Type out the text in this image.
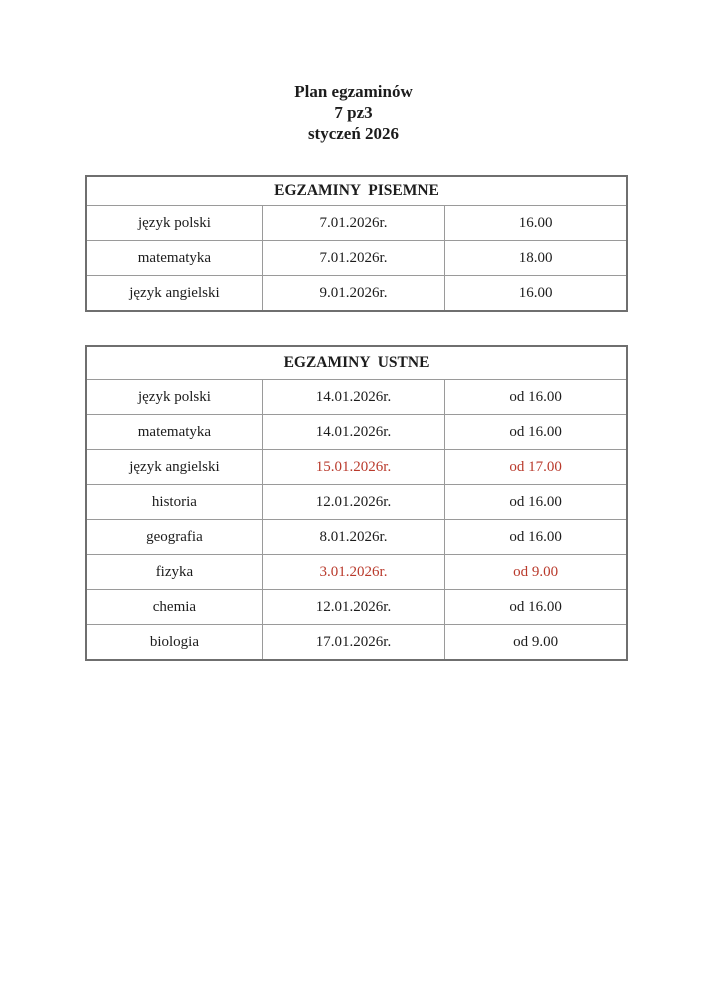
Plan egzaminów
7 pz3
styczeń 2026
EGZAMINY  PISEMNE		
język polski	7.01.2026r.	16.00
matematyka	7.01.2026r.	18.00
język angielski	9.01.2026r.	16.00
EGZAMINY  USTNE		
język polski	14.01.2026r.	od 16.00
matematyka	14.01.2026r.	od 16.00
język angielski	15.01.2026r.	od 17.00
historia	12.01.2026r.	od 16.00
geografia	8.01.2026r.	od 16.00
fizyka	3.01.2026r.	od 9.00
chemia	12.01.2026r.	od 16.00
biologia	17.01.2026r.	od 9.00
